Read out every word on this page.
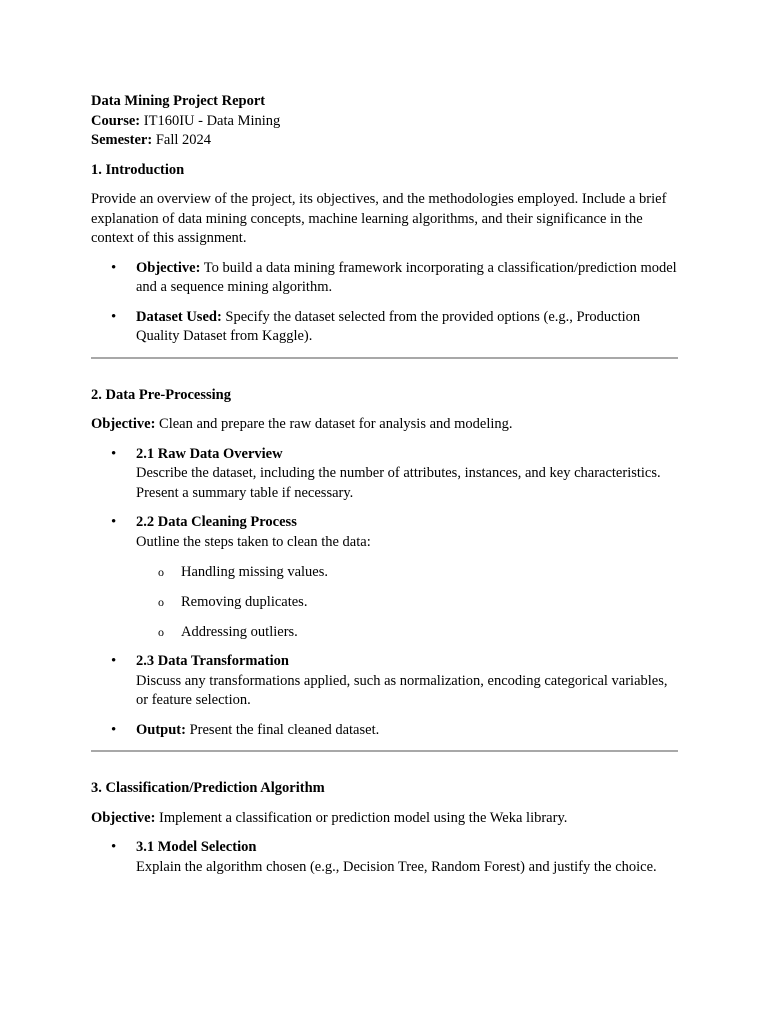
Data Mining Project Report

Course: IT160IU - Data Mining

Semester: Fall 2024

1. Introduction

Provide an overview of the project, its objectives, and the methodologies employed. Include a brief explanation of data mining concepts, machine learning algorithms, and their significance in the context of this assignment.

• Objective: To build a data mining framework incorporating a classification/prediction model and a sequence mining algorithm.
• Dataset Used: Specify the dataset selected from the provided options (e.g., Production Quality Dataset from Kaggle).

2. Data Pre-Processing

Objective: Clean and prepare the raw dataset for analysis and modeling.

• 2.1 Raw Data Overview
Describe the dataset, including the number of attributes, instances, and key characteristics. Present a summary table if necessary.
• 2.2 Data Cleaning Process
Outline the steps taken to clean the data:
o Handling missing values.
o Removing duplicates.
o Addressing outliers.
• 2.3 Data Transformation
Discuss any transformations applied, such as normalization, encoding categorical variables, or feature selection.
• Output: Present the final cleaned dataset.

3. Classification/Prediction Algorithm

Objective: Implement a classification or prediction model using the Weka library.

• 3.1 Model Selection
Explain the algorithm chosen (e.g., Decision Tree, Random Forest) and justify the choice.
